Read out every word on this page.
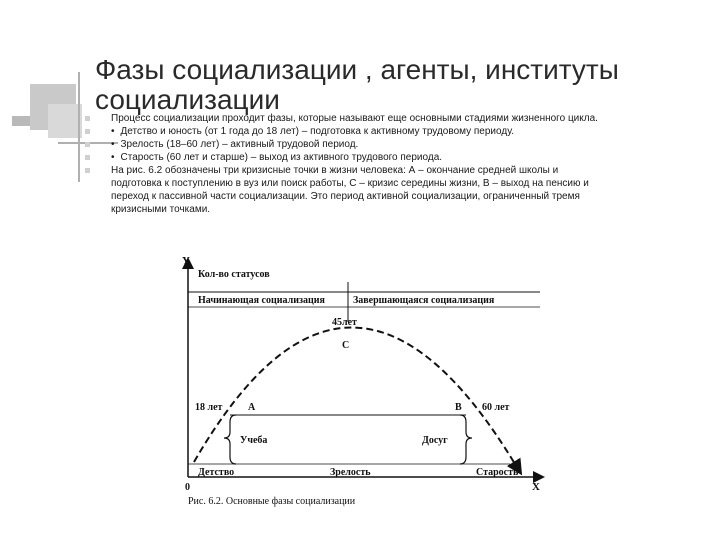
Фазы социализации , агенты, институты социализации

Процесс социализации проходит фазы, которые называют еще основными стадиями жизненного цикла.

• Детство и юность (от 1 года до 18 лет) – подготовка к активному трудовому периоду.

• Зрелость (18–60 лет) – активный трудовой период.

• Старость (60 лет и старше) – выход из активного трудового периода.

На рис. 6.2 обозначены три кризисные точки в жизни человека: А – окончание средней школы и подготовка к поступлению в вуз или поиск работы, С – кризис середины жизни, В – выход на пенсию и переход к пассивной части социализации. Это период активной социализации, ограниченный тремя кризисными точками.

Y
X
0
Кол-во статусов
Начинающая социализация	Завершающаяся социализация
45лет
С
А	В
18 лет	60 лет
Учеба	Досуг
Детство	Зрелость	Старость
Рис. 6.2. Основные фазы социализации
